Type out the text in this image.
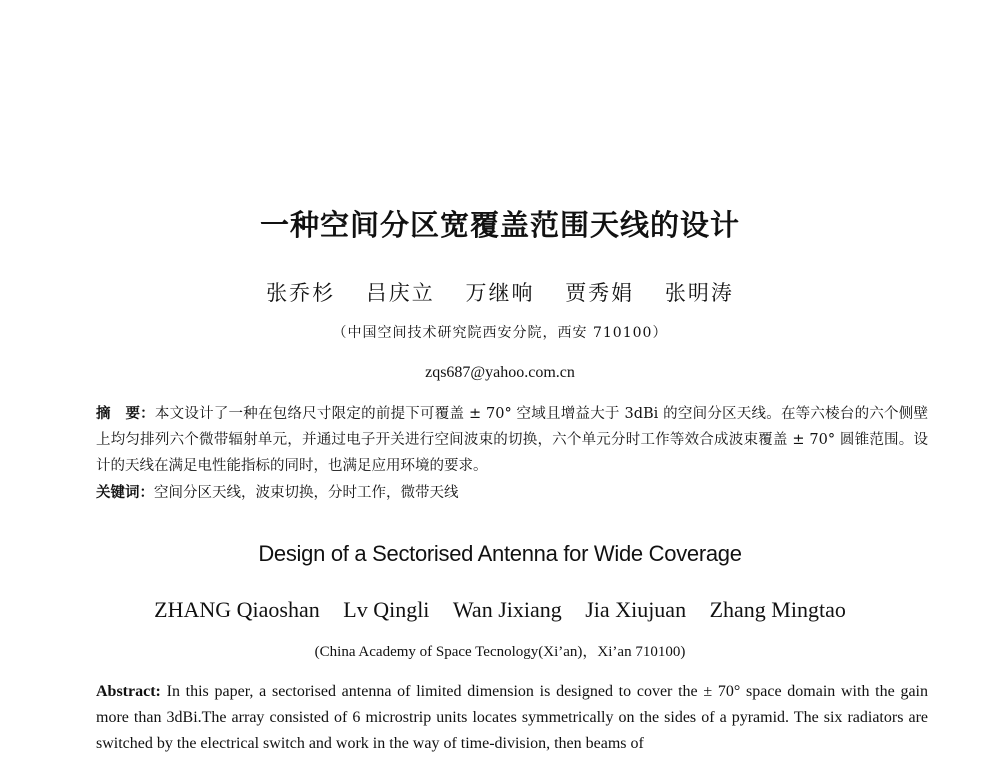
一种空间分区宽覆盖范围天线的设计
张乔杉 吕庆立 万继响 贾秀娟 张明涛
（中国空间技术研究院西安分院，西安 710100）
zqs687@yahoo.com.cn
摘　要：本文设计了一种在包络尺寸限定的前提下可覆盖 ± 70° 空域且增益大于 3dBi 的空间分区天线。在等六棱台的六个侧壁上均匀排列六个微带辐射单元，并通过电子开关进行空间波束的切换，六个单元分时工作等效合成波束覆盖 ± 70° 圆锥范围。设计的天线在满足电性能指标的同时，也满足应用环境的要求。
关键词：空间分区天线，波束切换，分时工作，微带天线
Design of a Sectorised Antenna for Wide Coverage
ZHANG Qiaoshan Lv Qingli Wan Jixiang Jia Xiujuan Zhang Mingtao
(China Academy of Space Tecnology(Xi’an)，Xi’an 710100)
Abstract: In this paper, a sectorised antenna of limited dimension is designed to cover the ± 70° space domain with the gain more than 3dBi.The array consisted of 6 microstrip units locates symmetrically on the sides of a pyramid. The six radiators are switched by the electrical switch and work in the way of time-division, then beams of
